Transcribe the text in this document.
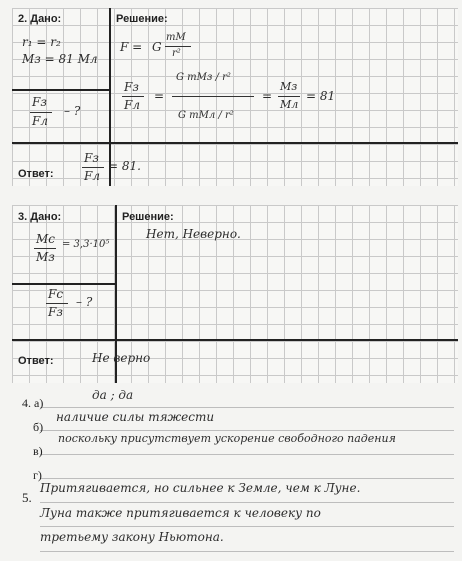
2. Дано:	Решение:
Ответ:
r₁ = r₂
Mз = 81 Mл
Fз
Fл
– ?
F = G
mM
r²
Fз
Fл
=
G mMз / r²
G mMл / r²
=
Mз
Mл
= 81
Fз
Fл
= 81.
3. Дано:	Решение:
Ответ:
Mс
Mз
= 3,3·10⁵
Fс
Fз
– ?
Нет, Неверно.
Не верно
4. а)
да ; да
б)
наличие силы тяжести
в)
поскольку присутствует ускорение свободного падения
г)
5.
Притягивается, но сильнее к Земле, чем к Луне.
Луна также притягивается к человеку по
третьему закону Ньютона.
